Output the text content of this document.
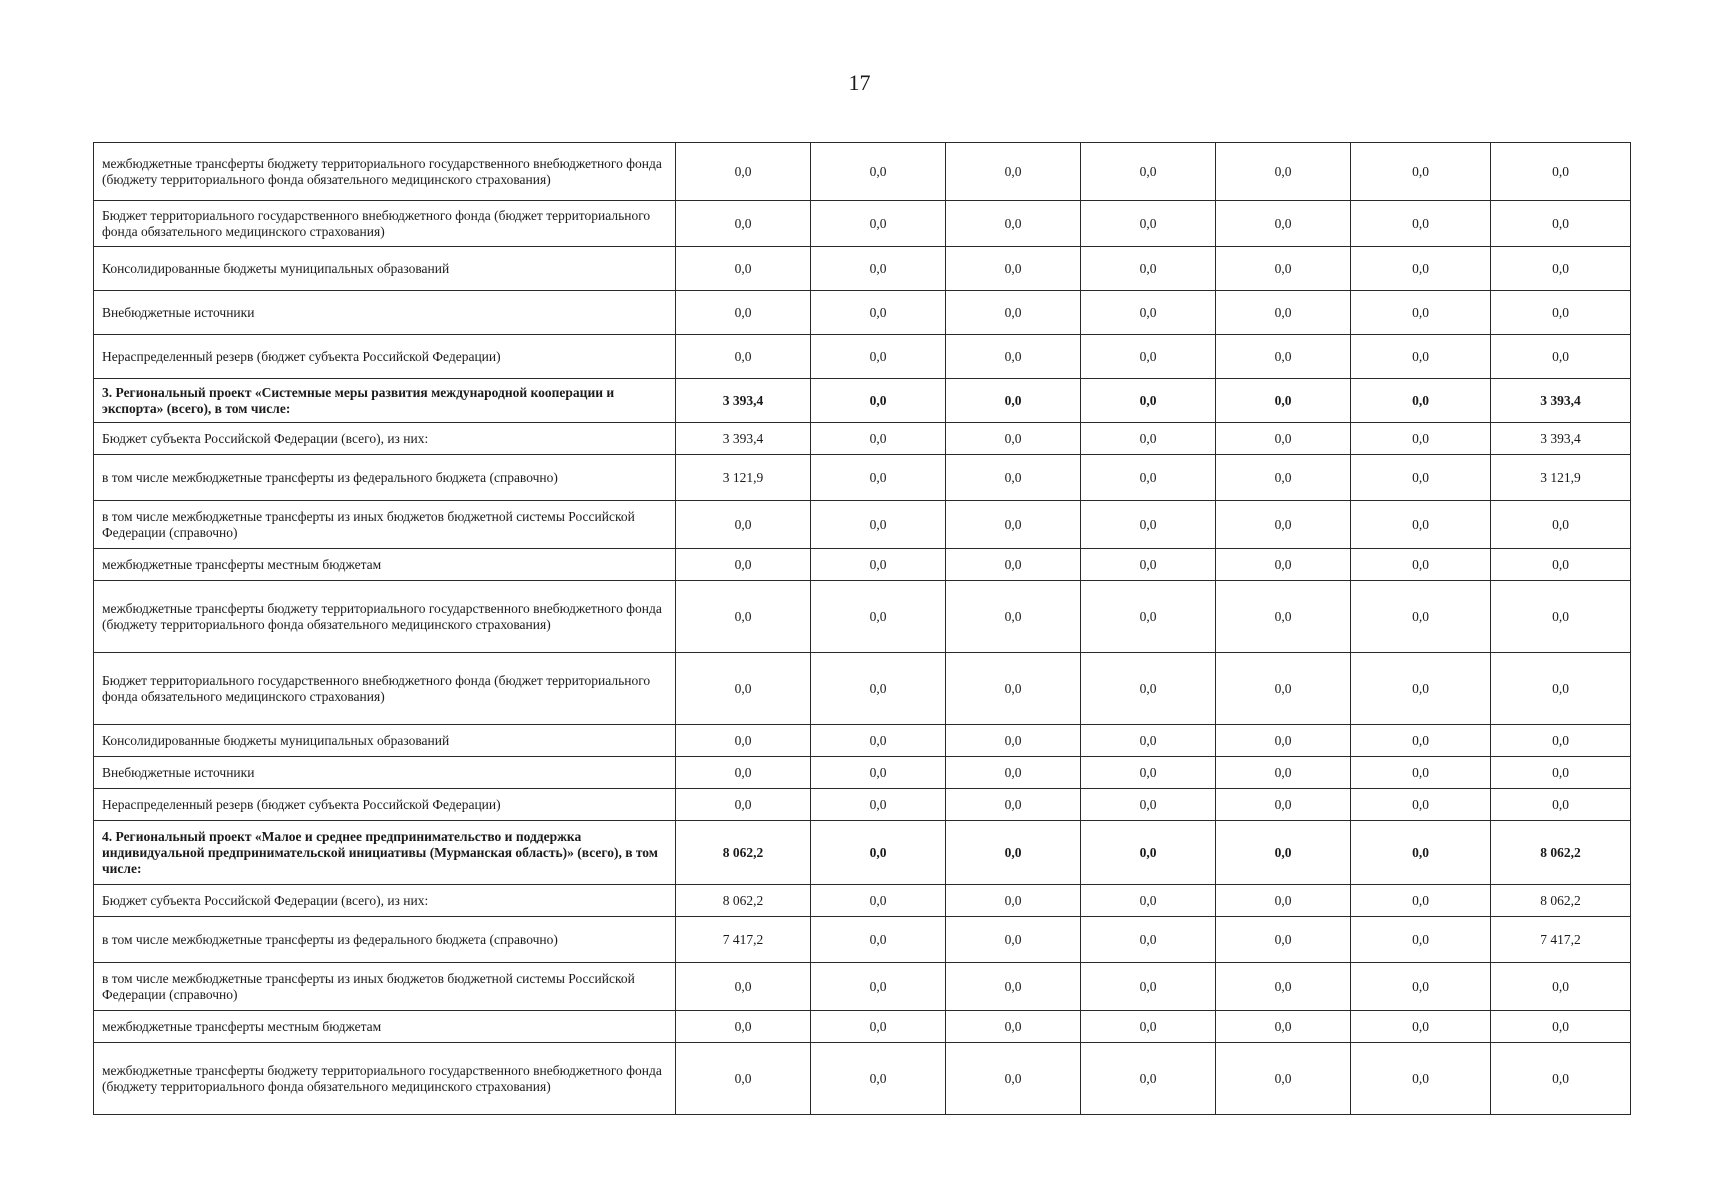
17
межбюджетные трансферты бюджету территориального государственного внебюджетного фонда (бюджету территориального фонда обязательного медицинского страхования)	0,0	0,0	0,0	0,0	0,0	0,0	0,0
Бюджет территориального государственного внебюджетного фонда (бюджет территориального фонда обязательного медицинского страхования)	0,0	0,0	0,0	0,0	0,0	0,0	0,0
Консолидированные бюджеты муниципальных образований	0,0	0,0	0,0	0,0	0,0	0,0	0,0
Внебюджетные источники	0,0	0,0	0,0	0,0	0,0	0,0	0,0
Нераспределенный резерв (бюджет субъекта Российской Федерации)	0,0	0,0	0,0	0,0	0,0	0,0	0,0
3. Региональный проект «Системные меры развития международной кооперации и экспорта» (всего), в том числе:	3 393,4	0,0	0,0	0,0	0,0	0,0	3 393,4
Бюджет субъекта Российской Федерации (всего), из них:	3 393,4	0,0	0,0	0,0	0,0	0,0	3 393,4
в том числе межбюджетные трансферты из федерального бюджета (справочно)	3 121,9	0,0	0,0	0,0	0,0	0,0	3 121,9
в том числе межбюджетные трансферты из иных бюджетов бюджетной системы Российской Федерации (справочно)	0,0	0,0	0,0	0,0	0,0	0,0	0,0
межбюджетные трансферты местным бюджетам	0,0	0,0	0,0	0,0	0,0	0,0	0,0
межбюджетные трансферты бюджету территориального государственного внебюджетного фонда (бюджету территориального фонда обязательного медицинского страхования)	0,0	0,0	0,0	0,0	0,0	0,0	0,0
Бюджет территориального государственного внебюджетного фонда (бюджет территориального фонда обязательного медицинского страхования)	0,0	0,0	0,0	0,0	0,0	0,0	0,0
Консолидированные бюджеты муниципальных образований	0,0	0,0	0,0	0,0	0,0	0,0	0,0
Внебюджетные источники	0,0	0,0	0,0	0,0	0,0	0,0	0,0
Нераспределенный резерв (бюджет субъекта Российской Федерации)	0,0	0,0	0,0	0,0	0,0	0,0	0,0
4. Региональный проект «Малое и среднее предпринимательство и поддержка индивидуальной предпринимательской инициативы (Мурманская область)» (всего), в том числе:	8 062,2	0,0	0,0	0,0	0,0	0,0	8 062,2
Бюджет субъекта Российской Федерации (всего), из них:	8 062,2	0,0	0,0	0,0	0,0	0,0	8 062,2
в том числе межбюджетные трансферты из федерального бюджета (справочно)	7 417,2	0,0	0,0	0,0	0,0	0,0	7 417,2
в том числе межбюджетные трансферты из иных бюджетов бюджетной системы Российской Федерации (справочно)	0,0	0,0	0,0	0,0	0,0	0,0	0,0
межбюджетные трансферты местным бюджетам	0,0	0,0	0,0	0,0	0,0	0,0	0,0
межбюджетные трансферты бюджету территориального государственного внебюджетного фонда (бюджету территориального фонда обязательного медицинского страхования)	0,0	0,0	0,0	0,0	0,0	0,0	0,0
